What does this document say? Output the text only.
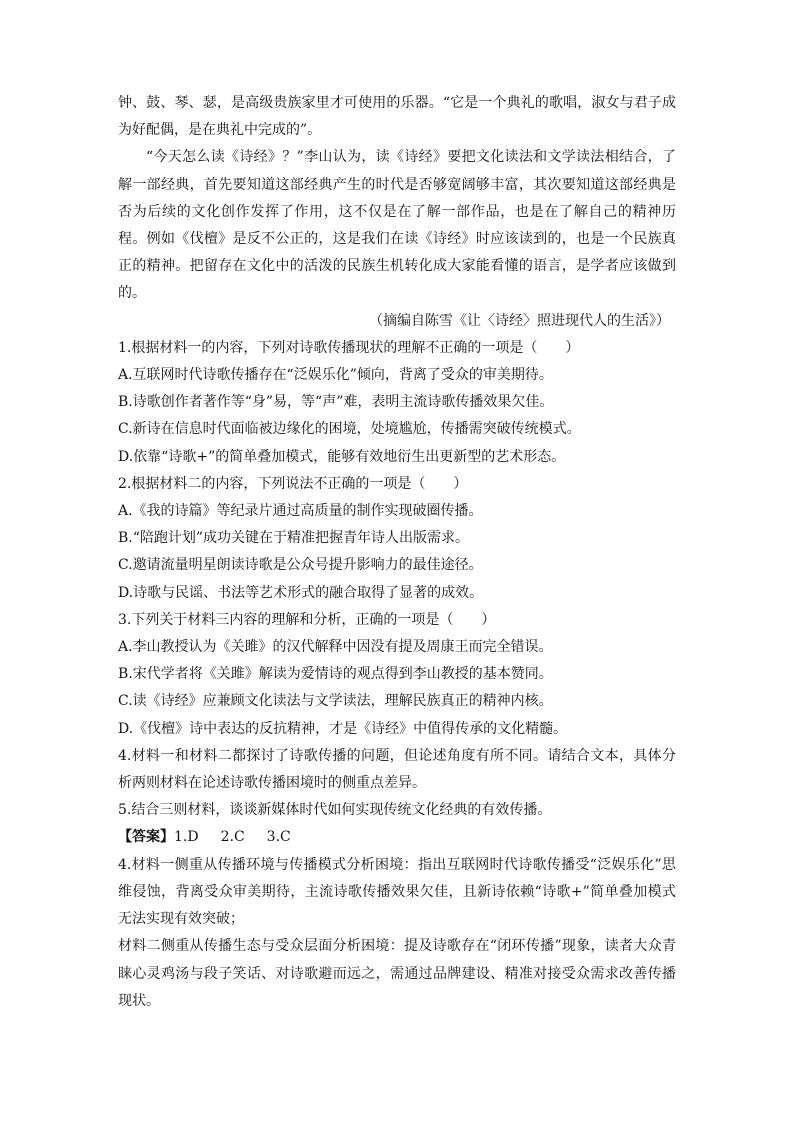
钟、鼓、琴、瑟，是高级贵族家里才可使用的乐器。“它是一个典礼的歌唱，淑女与君子成为好配偶，是在典礼中完成的”。

“今天怎么读《诗经》？”李山认为，读《诗经》要把文化读法和文学读法相结合，了解一部经典，首先要知道这部经典产生的时代是否够宽阔够丰富，其次要知道这部经典是否为后续的文化创作发挥了作用，这不仅是在了解一部作品，也是在了解自己的精神历程。例如《伐檀》是反不公正的，这是我们在读《诗经》时应该读到的，也是一个民族真正的精神。把留存在文化中的活泼的民族生机转化成大家能看懂的语言，是学者应该做到的。

（摘编自陈雪《让〈诗经〉照进现代人的生活》）

1.根据材料一的内容，下列对诗歌传播现状的理解不正确的一项是（　　）

A.互联网时代诗歌传播存在“泛娱乐化”倾向，背离了受众的审美期待。

B.诗歌创作者著作等“身”易，等“声”难，表明主流诗歌传播效果欠佳。

C.新诗在信息时代面临被边缘化的困境，处境尴尬，传播需突破传统模式。

D.依靠“诗歌+”的简单叠加模式，能够有效地衍生出更新型的艺术形态。

2.根据材料二的内容，下列说法不正确的一项是（　　）

A.《我的诗篇》等纪录片通过高质量的制作实现破圈传播。

B.“陪跑计划”成功关键在于精准把握青年诗人出版需求。

C.邀请流量明星朗读诗歌是公众号提升影响力的最佳途径。

D.诗歌与民谣、书法等艺术形式的融合取得了显著的成效。

3.下列关于材料三内容的理解和分析，正确的一项是（　　）

A.李山教授认为《关雎》的汉代解释中因没有提及周康王而完全错误。

B.宋代学者将《关雎》解读为爱情诗的观点得到李山教授的基本赞同。

C.读《诗经》应兼顾文化读法与文学读法，理解民族真正的精神内核。

D.《伐檀》诗中表达的反抗精神，才是《诗经》中值得传承的文化精髓。

4.材料一和材料二都探讨了诗歌传播的问题，但论述角度有所不同。请结合文本，具体分析两则材料在论述诗歌传播困境时的侧重点差异。

5.结合三则材料，谈谈新媒体时代如何实现传统文化经典的有效传播。

【答案】1.D 2.C 3.C

4.材料一侧重从传播环境与传播模式分析困境：指出互联网时代诗歌传播受“泛娱乐化”思维侵蚀，背离受众审美期待，主流诗歌传播效果欠佳，且新诗依赖“诗歌+”简单叠加模式无法实现有效突破；

材料二侧重从传播生态与受众层面分析困境：提及诗歌存在“闭环传播”现象，读者大众青睐心灵鸡汤与段子笑话、对诗歌避而远之，需通过品牌建设、精准对接受众需求改善传播现状。
